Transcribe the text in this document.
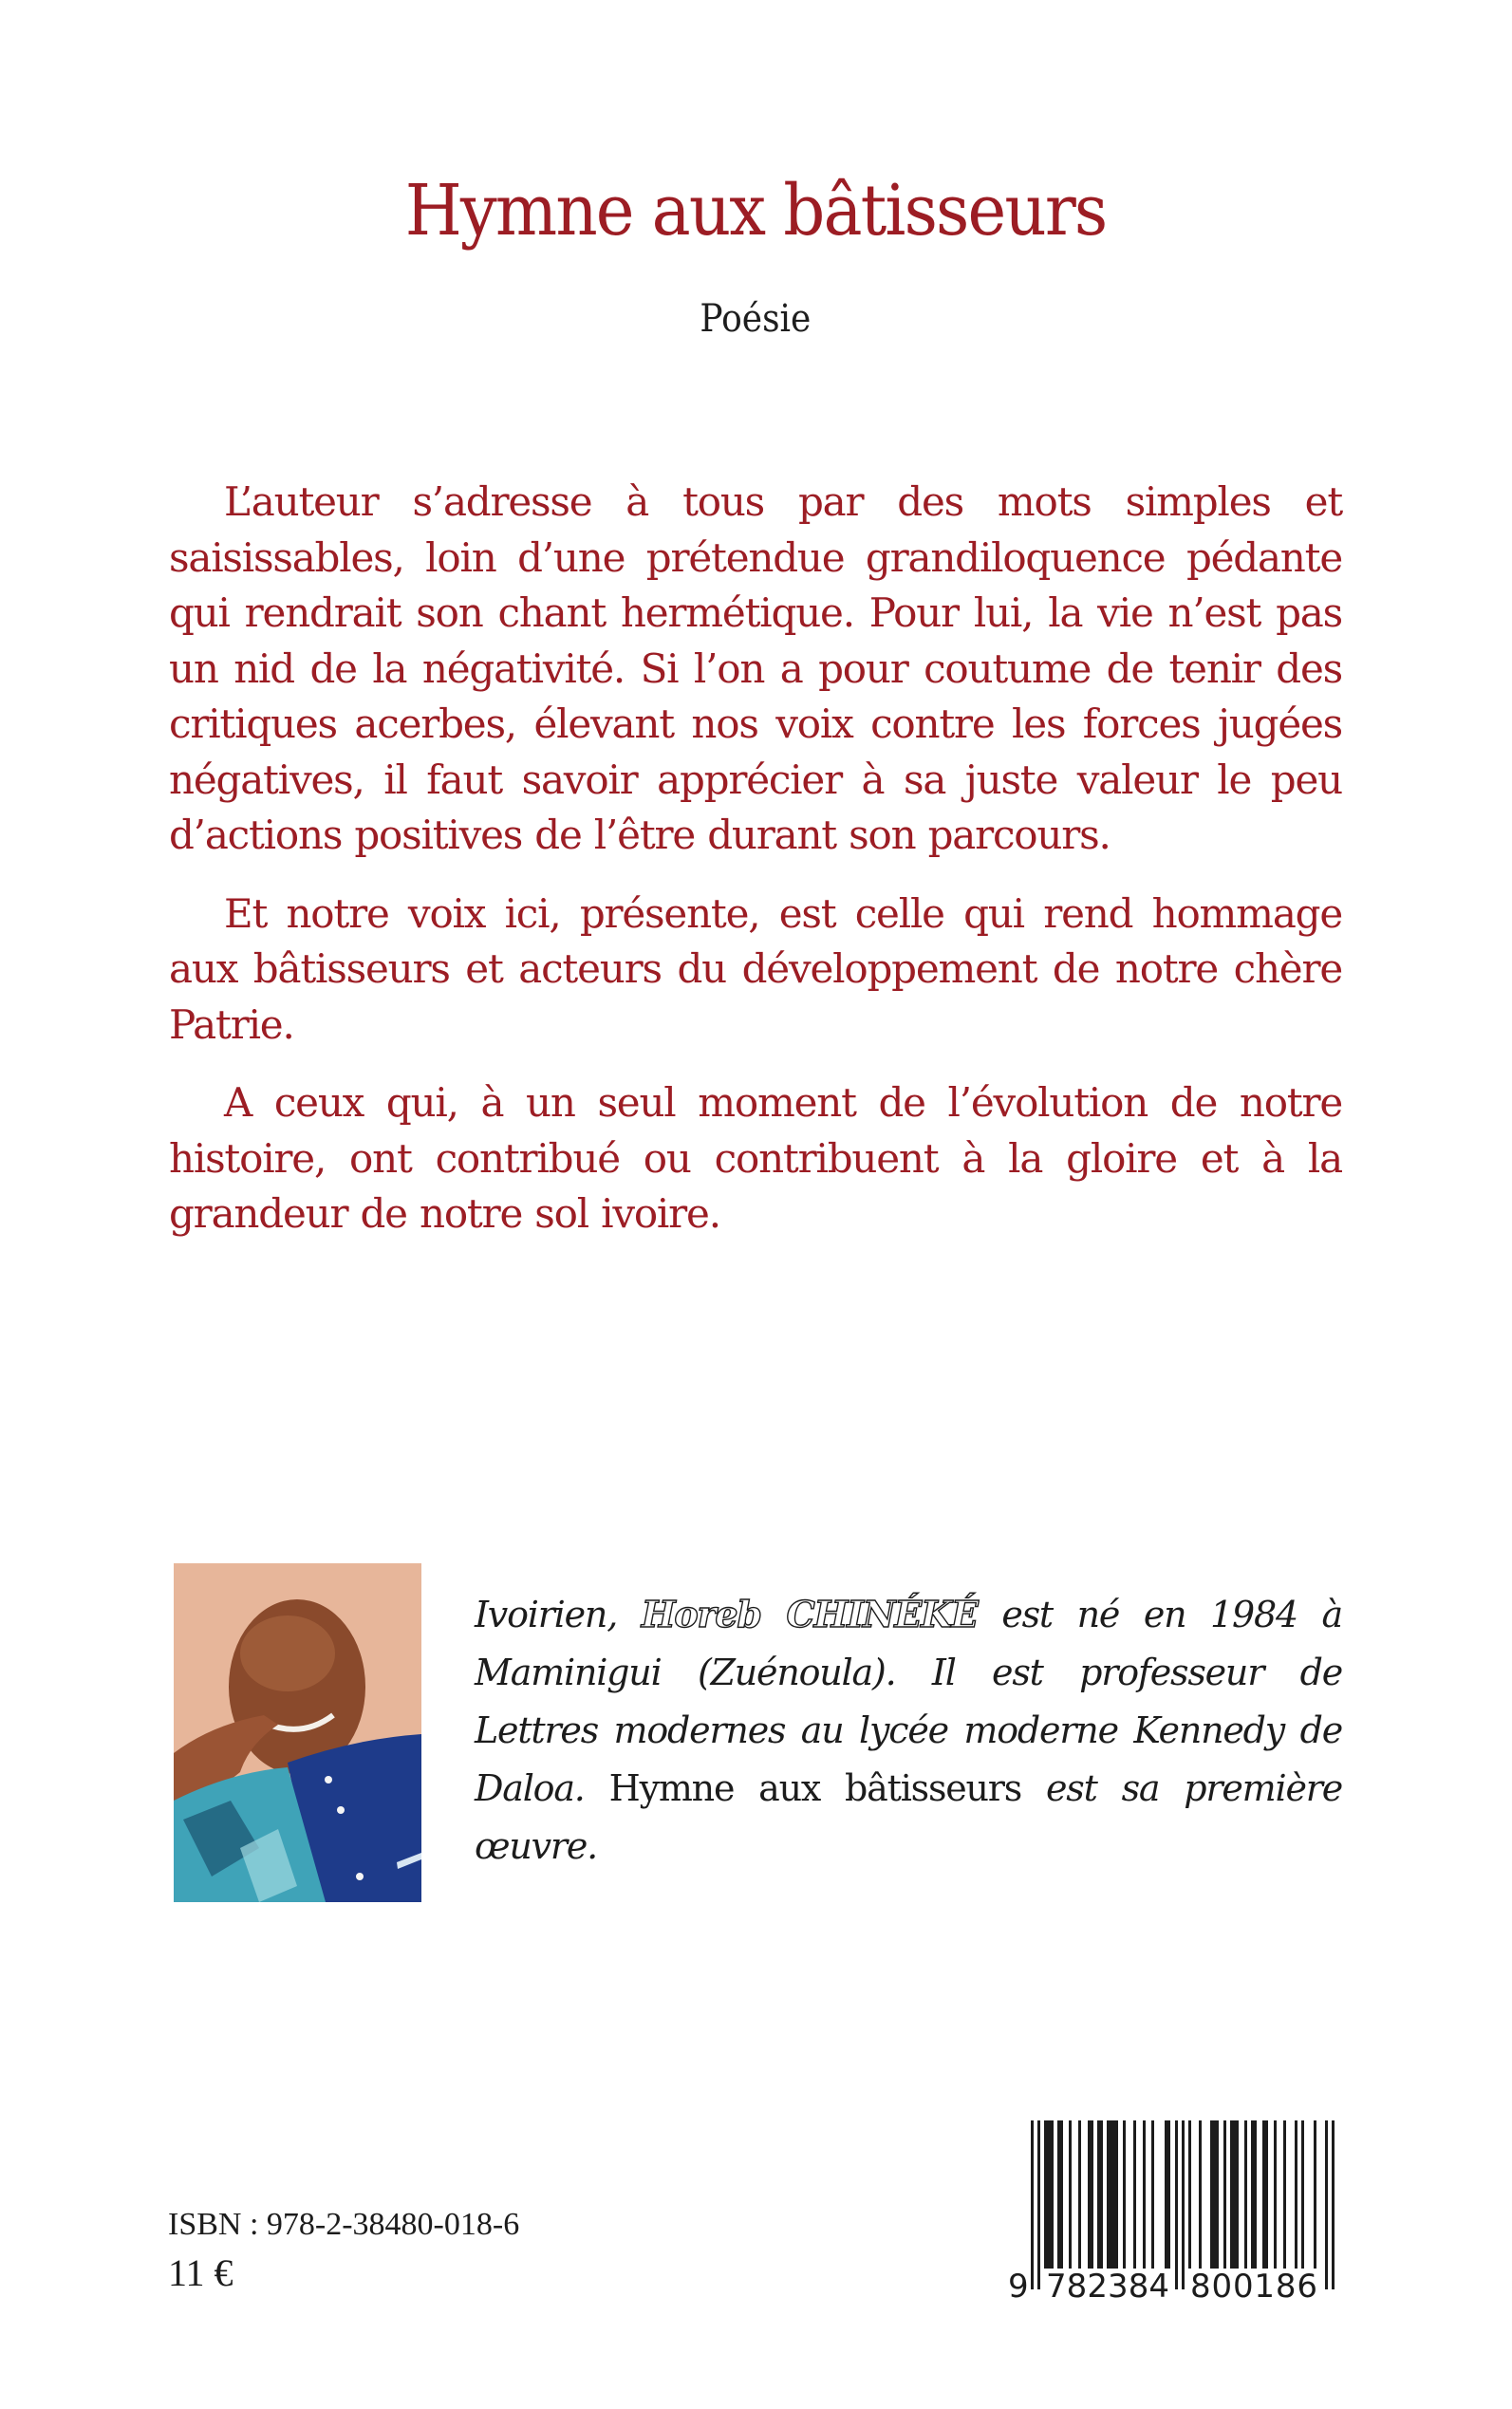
Hymne aux bâtisseurs
Poésie

L’auteur s’adresse à tous par des mots simples et saisissables, loin d’une prétendue grandiloquence pédante qui rendrait son chant hermétique. Pour lui, la vie n’est pas un nid de la négativité. Si l’on a pour coutume de tenir des critiques acerbes, élevant nos voix contre les forces jugées négatives, il faut savoir apprécier à sa juste valeur le peu d’actions positives de l’être durant son parcours.

Et notre voix ici, présente, est celle qui rend hommage aux bâtisseurs et acteurs du développement de notre chère Patrie.

A ceux qui, à un seul moment de l’évolution de notre histoire, ont contribué ou contribuent à la gloire et à la grandeur de notre sol ivoire.

Ivoirien, Horeb CHINÉKÉ est né en 1984 à Maminigui (Zuénoula). Il est professeur de Lettres modernes au lycée moderne Kennedy de Daloa. Hymne aux bâtisseurs est sa première œuvre.
ISBN : 978-2-38480-018-6
11 €	9 782384 800186
